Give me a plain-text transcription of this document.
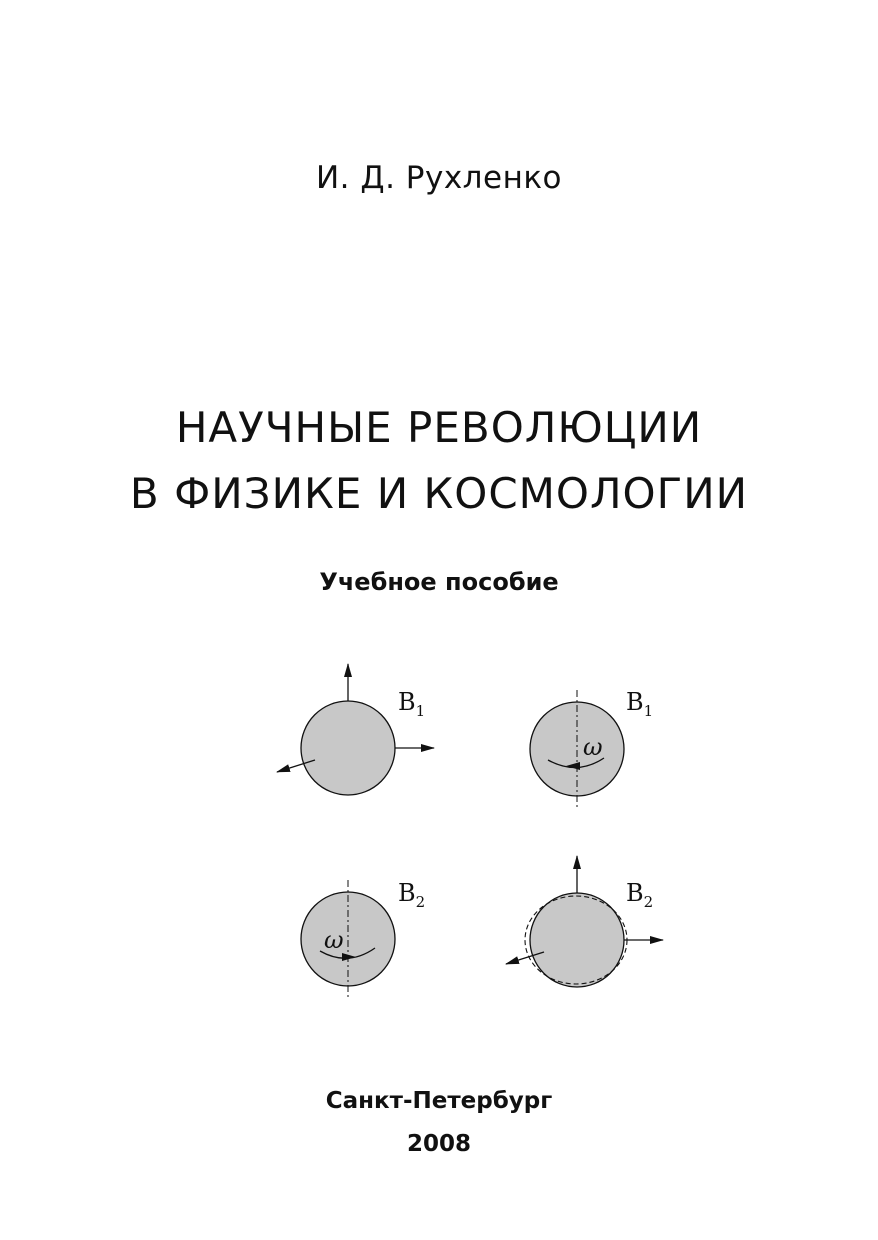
И. Д. Рухленко
НАУЧНЫЕ РЕВОЛЮЦИИ
В ФИЗИКЕ И КОСМОЛОГИИ
Учебное пособие
$B_1$
ω
$B_1$
ω
$B_2$	$B_2$
Санкт-Петербург
2008
